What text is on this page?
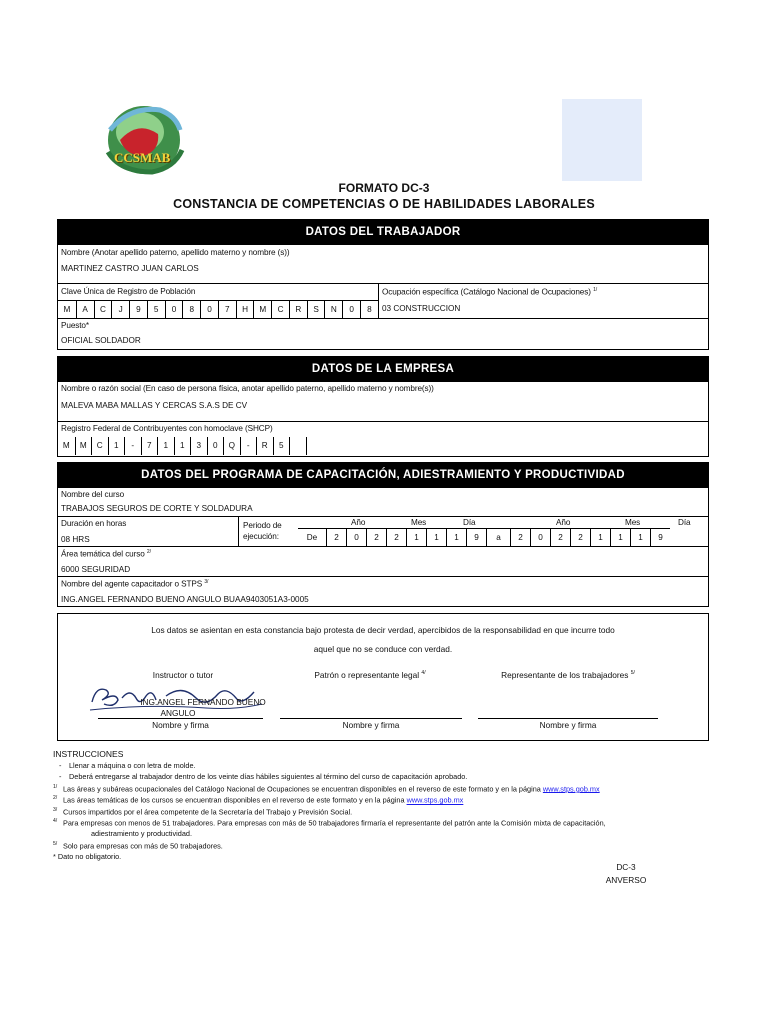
CCSMAB
FORMATO DC-3
CONSTANCIA DE COMPETENCIAS O DE HABILIDADES LABORALES
DATOS DEL TRABAJADOR
Nombre (Anotar apellido paterno, apellido materno y nombre (s))
MARTINEZ CASTRO JUAN CARLOS
Clave Única de Registro de Población
M	A	C	J	9	5	0	8	0	7	H	M	C	R	S	N	0	8
Ocupación específica (Catálogo Nacional de Ocupaciones) $^{1/}$
03 CONSTRUCCION
Puesto*
OFICIAL SOLDADOR
DATOS DE LA EMPRESA
Nombre o razón social (En caso de persona física, anotar apellido paterno, apellido materno y nombre(s))
MALEVA MABA MALLAS Y CERCAS S.A.S DE CV
Registro Federal de Contribuyentes con homoclave (SHCP)
M	M	C	1	-	7	1	1	3	0	Q	-	R	5
DATOS DEL PROGRAMA DE CAPACITACIÓN, ADIESTRAMIENTO Y PRODUCTIVIDAD
Nombre del curso
TRABAJOS SEGUROS DE CORTE Y SOLDADURA
Duración en horas
08 HRS
Periodo de
ejecución:
Año	Mes	Día	Año	Mes	Día
De	2	0	2	2	1	1	1	9	a	2	0	2	2	1	1	1	9
Área temática del curso $^{2/}$
6000 SEGURIDAD
Nombre del agente capacitador o STPS $^{3/}$
ING.ANGEL FERNANDO BUENO ANGULO BUAA9403051A3-0005
Los datos se asientan en esta constancia bajo protesta de decir verdad, apercibidos de la responsabilidad en que incurre todo
aquel que no se conduce con verdad.
Instructor o tutor	Patrón o representante legal $^{4/}$	Representante de los trabajadores $^{5/}$
ING.ANGEL FERNANDO BUENO
ANGULO
Nombre y firma	Nombre y firma	Nombre y firma
INSTRUCCIONES
- Llenar a máquina o con letra de molde.
- Deberá entregarse al trabajador dentro de los veinte días hábiles siguientes al término del curso de capacitación aprobado.
1/ Las áreas y subáreas ocupacionales del Catálogo Nacional de Ocupaciones se encuentran disponibles en el reverso de este formato y en la página www.stps.gob.mx
2/ Las áreas temáticas de los cursos se encuentran disponibles en el reverso de este formato y en la página www.stps.gob.mx
3/ Cursos impartidos por el área competente de la Secretaría del Trabajo y Previsión Social.
4/ Para empresas con menos de 51 trabajadores. Para empresas con más de 50 trabajadores firmaría el representante del patrón ante la Comisión mixta de capacitación,
adiestramiento y productividad.
5/ Solo para empresas con más de 50 trabajadores.
* Dato no obligatorio.
DC-3
ANVERSO
